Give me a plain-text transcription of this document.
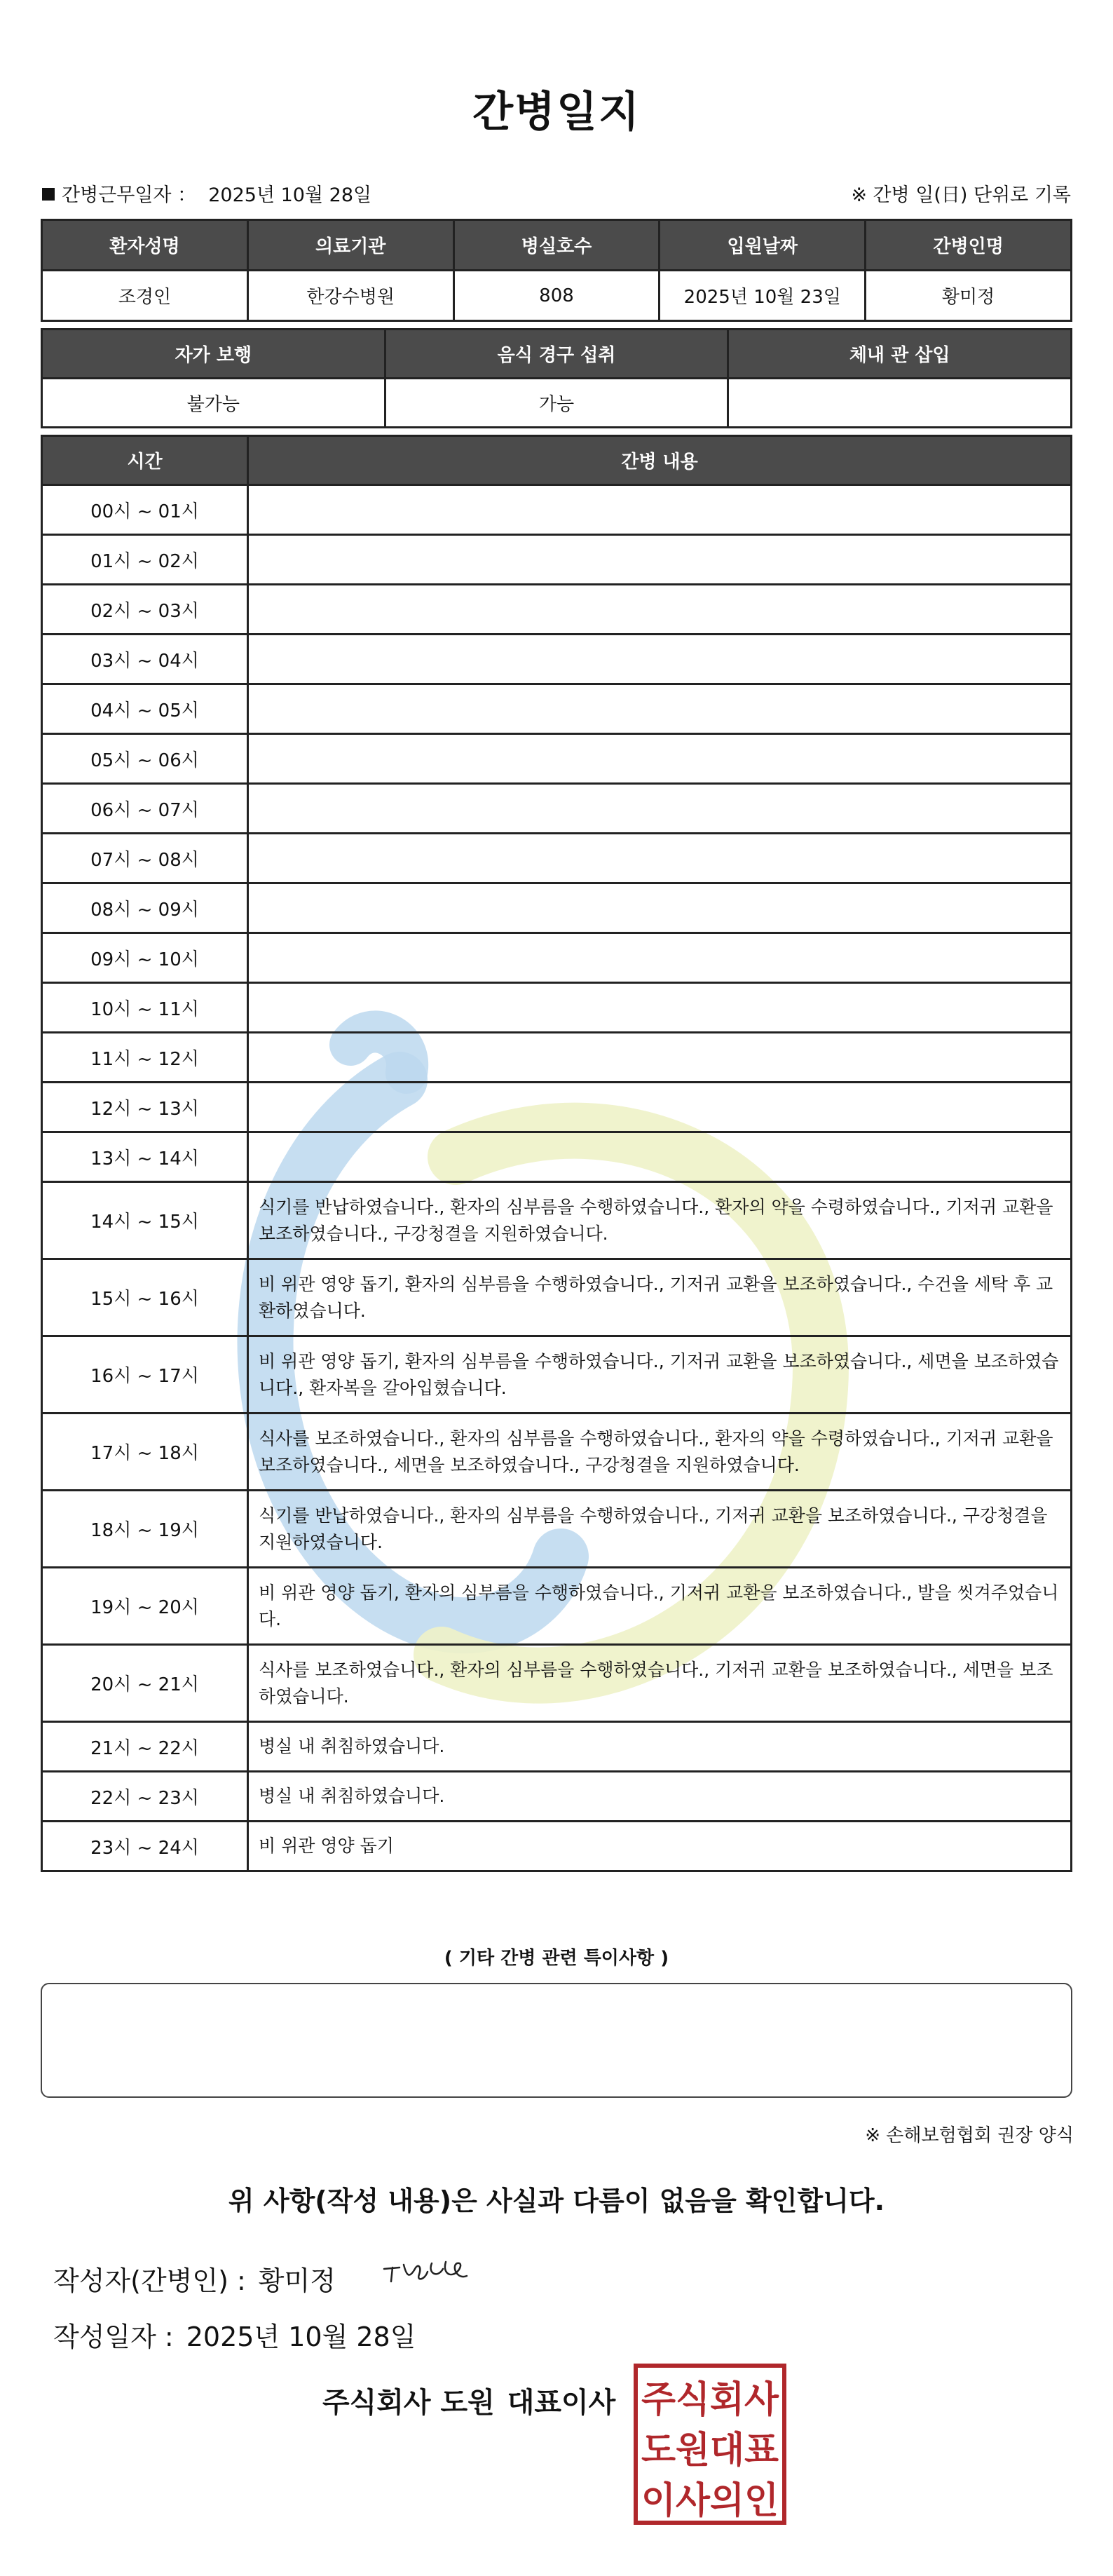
간병일지
간병근무일자 ： 2025년 10월 28일	※ 간병 일(日) 단위로 기록
환자성명	의료기관	병실호수	입원날짜	간병인명
조경인	한강수병원	808	2025년 10월 23일	황미정
자가 보행	음식 경구 섭취	체내 관 삽입
불가능	가능	
시간	간병 내용
00시 ~ 01시	
01시 ~ 02시	
02시 ~ 03시	
03시 ~ 04시	
04시 ~ 05시	
05시 ~ 06시	
06시 ~ 07시	
07시 ~ 08시	
08시 ~ 09시	
09시 ~ 10시	
10시 ~ 11시	
11시 ~ 12시	
12시 ~ 13시	
13시 ~ 14시	
14시 ~ 15시	식기를 반납하였습니다., 환자의 심부름을 수행하였습니다., 환자의 약을 수령하였습니다., 기저귀 교환을 보조하였습니다., 구강청결을 지원하였습니다.
15시 ~ 16시	비 위관 영양 돕기, 환자의 심부름을 수행하였습니다., 기저귀 교환을 보조하였습니다., 수건을 세탁 후 교환하였습니다.
16시 ~ 17시	비 위관 영양 돕기, 환자의 심부름을 수행하였습니다., 기저귀 교환을 보조하였습니다., 세면을 보조하였습니다., 환자복을 갈아입혔습니다.
17시 ~ 18시	식사를 보조하였습니다., 환자의 심부름을 수행하였습니다., 환자의 약을 수령하였습니다., 기저귀 교환을 보조하였습니다., 세면을 보조하였습니다., 구강청결을 지원하였습니다.
18시 ~ 19시	식기를 반납하였습니다., 환자의 심부름을 수행하였습니다., 기저귀 교환을 보조하였습니다., 구강청결을 지원하였습니다.
19시 ~ 20시	비 위관 영양 돕기, 환자의 심부름을 수행하였습니다., 기저귀 교환을 보조하였습니다., 발을 씻겨주었습니다.
20시 ~ 21시	식사를 보조하였습니다., 환자의 심부름을 수행하였습니다., 기저귀 교환을 보조하였습니다., 세면을 보조하였습니다.
21시 ~ 22시	병실 내 취침하였습니다.
22시 ~ 23시	병실 내 취침하였습니다.
23시 ~ 24시	비 위관 영양 돕기
( 기타 간병 관련 특이사항 )
※ 손해보험협회 권장 양식
위 사항(작성 내용)은 사실과 다름이 없음을 확인합니다.
작성자(간병인) : 황미정
작성일자 : 2025년 10월 28일
주식회사 도원 대표이사 주식회사
도원대표
이사의인
